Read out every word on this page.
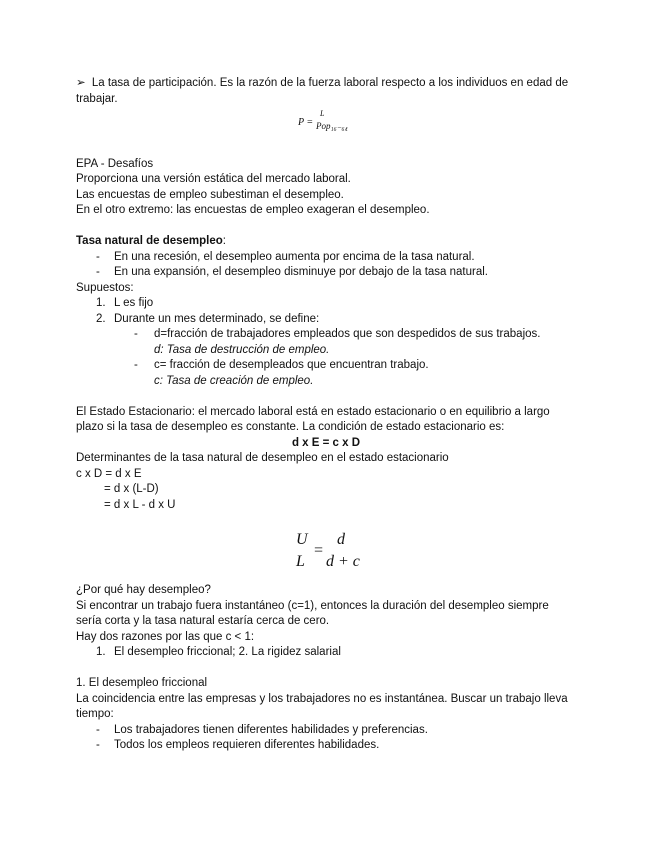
➢ La tasa de participación. Es la razón de la fuerza laboral respecto a los individuos en edad de trabajar.

P =
L
Pop₁₆₋₆₄

EPA - Desafíos

Proporciona una versión estática del mercado laboral.

Las encuestas de empleo subestiman el desempleo.

En el otro extremo: las encuestas de empleo exageran el desempleo.

Tasa natural de desempleo:

- En una recesión, el desempleo aumenta por encima de la tasa natural.

- En una expansión, el desempleo disminuye por debajo de la tasa natural.

Supuestos:

1. L es fijo

2. Durante un mes determinado, se define:

- d=fracción de trabajadores empleados que son despedidos de sus trabajos.

d: Tasa de destrucción de empleo.

- c= fracción de desempleados que encuentran trabajo.

c: Tasa de creación de empleo.

El Estado Estacionario: el mercado laboral está en estado estacionario o en equilibrio a largo plazo si la tasa de desempleo es constante. La condición de estado estacionario es:

d x E = c x D

Determinantes de la tasa natural de desempleo en el estado estacionario

c x D = d x E

= d x (L-D)

= d x L - d x U

U
L
=
d
d + c

¿Por qué hay desempleo?

Si encontrar un trabajo fuera instantáneo (c=1), entonces la duración del desempleo siempre sería corta y la tasa natural estaría cerca de cero.

Hay dos razones por las que c < 1:

1. El desempleo friccional; 2. La rigidez salarial

1. El desempleo friccional

La coincidencia entre las empresas y los trabajadores no es instantánea. Buscar un trabajo lleva tiempo:

- Los trabajadores tienen diferentes habilidades y preferencias.

- Todos los empleos requieren diferentes habilidades.
